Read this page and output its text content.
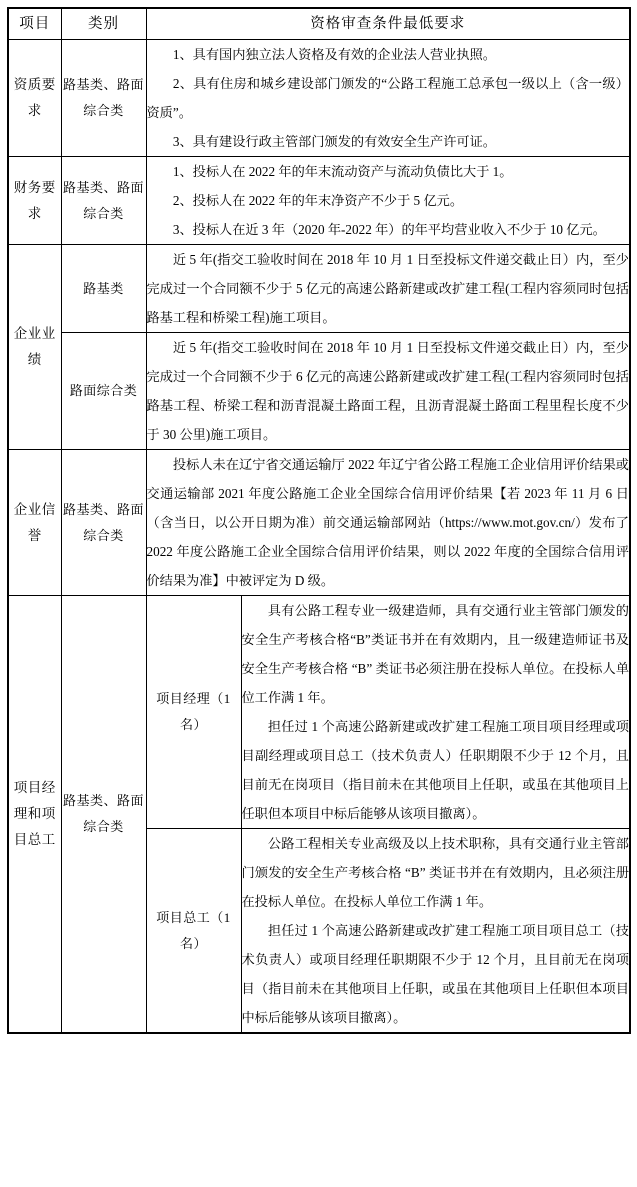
项目	类别	资格审查条件最低要求	
资质要求	路基类、路面综合类	1、具有国内独立法人资格及有效的企业法人营业执照。

2、具有住房和城乡建设部门颁发的“公路工程施工总承包一级以上（含一级）资质”。

3、具有建设行政主管部门颁发的有效安全生产许可证。	

财务要求	路基类、路面综合类	1、投标人在 2022 年的年末流动资产与流动负债比大于 1。

2、投标人在 2022 年的年末净资产不少于 5 亿元。

3、投标人在近 3 年（2020 年-2022 年）的年平均营业收入不少于 10 亿元。	

企业业绩	路基类	近 5 年(指交工验收时间在 2018 年 10 月 1 日至投标文件递交截止日）内，至少完成过一个合同额不少于 5 亿元的高速公路新建或改扩建工程(工程内容须同时包括路基工程和桥梁工程)施工项目。	

	路面综合类	近 5 年(指交工验收时间在 2018 年 10 月 1 日至投标文件递交截止日）内，至少完成过一个合同额不少于 6 亿元的高速公路新建或改扩建工程(工程内容须同时包括路基工程、桥梁工程和沥青混凝土路面工程，且沥青混凝土路面工程里程长度不少于 30 公里)施工项目。	

企业信誉	路基类、路面综合类	投标人未在辽宁省交通运输厅 2022 年辽宁省公路工程施工企业信用评价结果或交通运输部 2021 年度公路施工企业全国综合信用评价结果【若 2023 年 11 月 6 日（含当日，以公开日期为准）前交通运输部网站（https://www.mot.gov.cn/）发布了 2022 年度公路施工企业全国综合信用评价结果，则以 2022 年度的全国综合信用评价结果为准】中被评定为 D 级。	

项目经理和项目总工	路基类、路面综合类	项目经理（1 名）	具有公路工程专业一级建造师，具有交通行业主管部门颁发的安全生产考核合格“B”类证书并在有效期内，且一级建造师证书及安全生产考核合格 “B” 类证书必须注册在投标人单位。在投标人单位工作满 1 年。

担任过 1 个高速公路新建或改扩建工程施工项目项目经理或项目副经理或项目总工（技术负责人）任职期限不少于 12 个月，且目前无在岗项目（指目前未在其他项目上任职，或虽在其他项目上任职但本项目中标后能够从该项目撤离）。

		项目总工（1 名）	公路工程相关专业高级及以上技术职称，具有交通行业主管部门颁发的安全生产考核合格 “B” 类证书并在有效期内，且必须注册在投标人单位。在投标人单位工作满 1 年。

担任过 1 个高速公路新建或改扩建工程施工项目项目总工（技术负责人）或项目经理任职期限不少于 12 个月，且目前无在岗项目（指目前未在其他项目上任职，或虽在其他项目上任职但本项目中标后能够从该项目撤离）。
